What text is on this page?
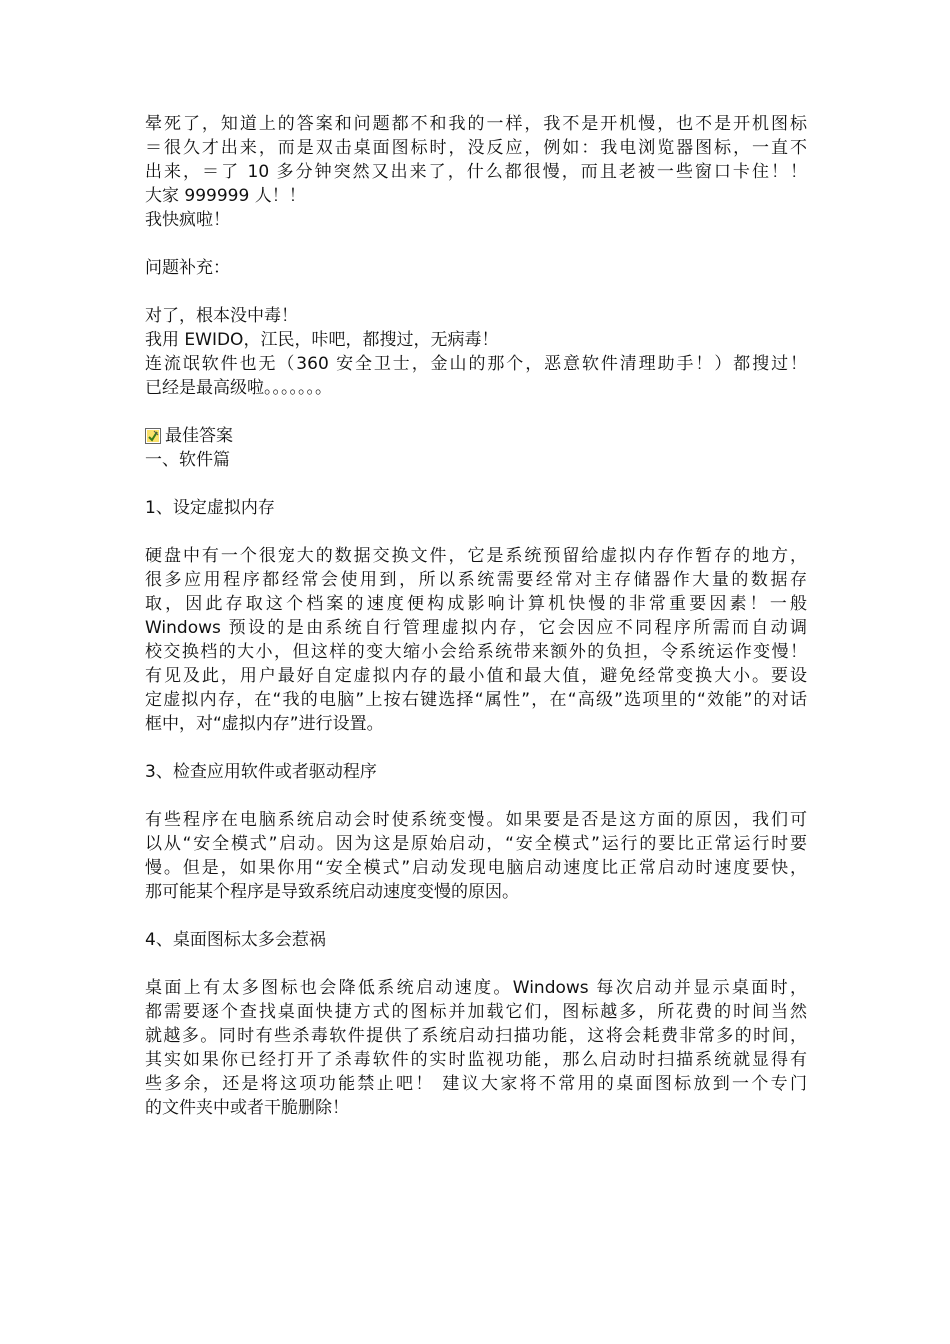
晕死了，知道上的答案和问题都不和我的一样，我不是开机慢，也不是开机图标
＝很久才出来，而是双击桌面图标时，没反应，例如：我电浏览器图标，一直不
出来，＝了 10 多分钟突然又出来了，什么都很慢，而且老被一些窗口卡住！！
大家 999999 人！！
我快疯啦！
问题补充：
对了，根本没中毒！
我用 EWIDO，江民，咔吧，都搜过，无病毒！
连流氓软件也无（360 安全卫士，金山的那个，恶意软件清理助手！）都搜过！
已经是最高级啦。。。。。。。
最佳答案
一、软件篇
1、设定虚拟内存
硬盘中有一个很宠大的数据交换文件，它是系统预留给虚拟内存作暂存的地方，
很多应用程序都经常会使用到，所以系统需要经常对主存储器作大量的数据存
取，因此存取这个档案的速度便构成影响计算机快慢的非常重要因素！一般
Windows 预设的是由系统自行管理虚拟内存，它会因应不同程序所需而自动调
校交换档的大小，但这样的变大缩小会给系统带来额外的负担，令系统运作变慢！
有见及此，用户最好自定虚拟内存的最小值和最大值，避免经常变换大小。要设
定虚拟内存，在“我的电脑”上按右键选择“属性”，在“高级”选项里的“效能”的对话
框中，对“虚拟内存”进行设置。
3、检查应用软件或者驱动程序
有些程序在电脑系统启动会时使系统变慢。如果要是否是这方面的原因，我们可
以从“安全模式”启动。因为这是原始启动，“安全模式”运行的要比正常运行时要
慢。但是，如果你用“安全模式”启动发现电脑启动速度比正常启动时速度要快，
那可能某个程序是导致系统启动速度变慢的原因。
4、桌面图标太多会惹祸
桌面上有太多图标也会降低系统启动速度。Windows 每次启动并显示桌面时，
都需要逐个查找桌面快捷方式的图标并加载它们，图标越多，所花费的时间当然
就越多。同时有些杀毒软件提供了系统启动扫描功能，这将会耗费非常多的时间，
其实如果你已经打开了杀毒软件的实时监视功能，那么启动时扫描系统就显得有
些多余，还是将这项功能禁止吧！ 建议大家将不常用的桌面图标放到一个专门
的文件夹中或者干脆删除！
